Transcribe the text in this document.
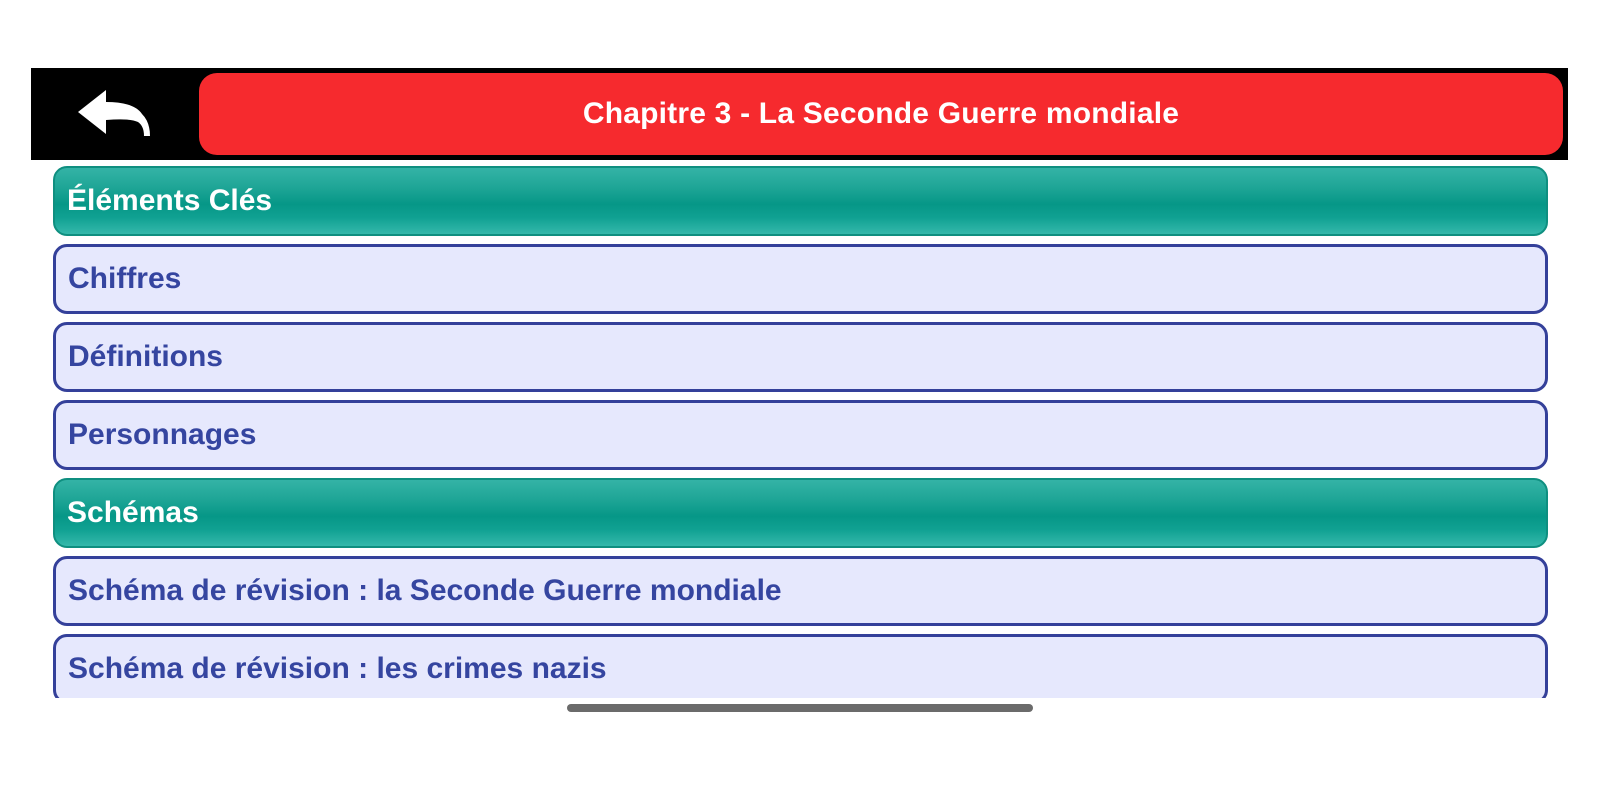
Chapitre 3 - La Seconde Guerre mondiale
Éléments Clés
Chiffres
Définitions
Personnages
Schémas
Schéma de révision : la Seconde Guerre mondiale
Schéma de révision : les crimes nazis
